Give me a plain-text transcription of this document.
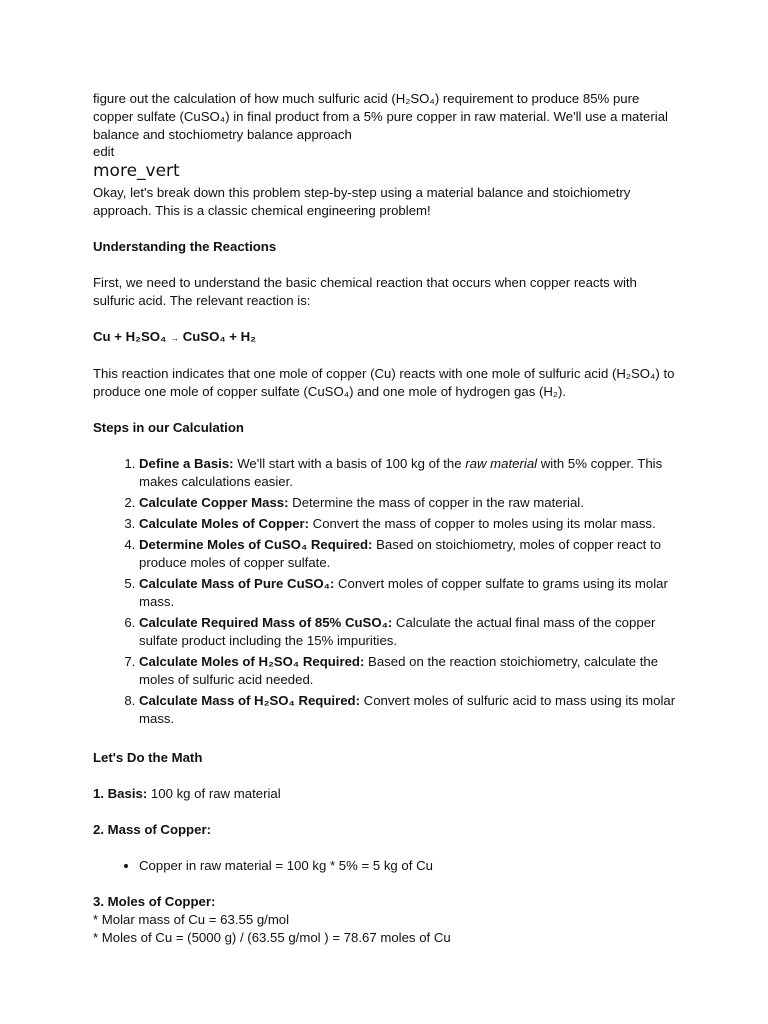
figure out the calculation of how much sulfuric acid (H₂SO₄) requirement to produce 85% pure copper sulfate (CuSO₄) in final product from a 5% pure copper in raw material. We'll use a material balance and stochiometry balance approach

edit

more_vert

Okay, let's break down this problem step-by-step using a material balance and stoichiometry approach. This is a classic chemical engineering problem!

Understanding the Reactions

First, we need to understand the basic chemical reaction that occurs when copper reacts with sulfuric acid. The relevant reaction is:

Cu + H₂SO₄ → CuSO₄ + H₂

This reaction indicates that one mole of copper (Cu) reacts with one mole of sulfuric acid (H₂SO₄) to produce one mole of copper sulfate (CuSO₄) and one mole of hydrogen gas (H₂).

Steps in our Calculation

1. Define a Basis: We'll start with a basis of 100 kg of the raw material with 5% copper. This makes calculations easier.
2. Calculate Copper Mass: Determine the mass of copper in the raw material.
3. Calculate Moles of Copper: Convert the mass of copper to moles using its molar mass.
4. Determine Moles of CuSO₄ Required: Based on stoichiometry, moles of copper react to produce moles of copper sulfate.
5. Calculate Mass of Pure CuSO₄: Convert moles of copper sulfate to grams using its molar mass.
6. Calculate Required Mass of 85% CuSO₄: Calculate the actual final mass of the copper sulfate product including the 15% impurities.
7. Calculate Moles of H₂SO₄ Required: Based on the reaction stoichiometry, calculate the moles of sulfuric acid needed.
8. Calculate Mass of H₂SO₄ Required: Convert moles of sulfuric acid to mass using its molar mass.

Let's Do the Math

1. Basis: 100 kg of raw material

2. Mass of Copper:

• Copper in raw material = 100 kg * 5% = 5 kg of Cu

3. Moles of Copper:

* Molar mass of Cu = 63.55 g/mol

* Moles of Cu = (5000 g) / (63.55 g/mol ) = 78.67 moles of Cu
